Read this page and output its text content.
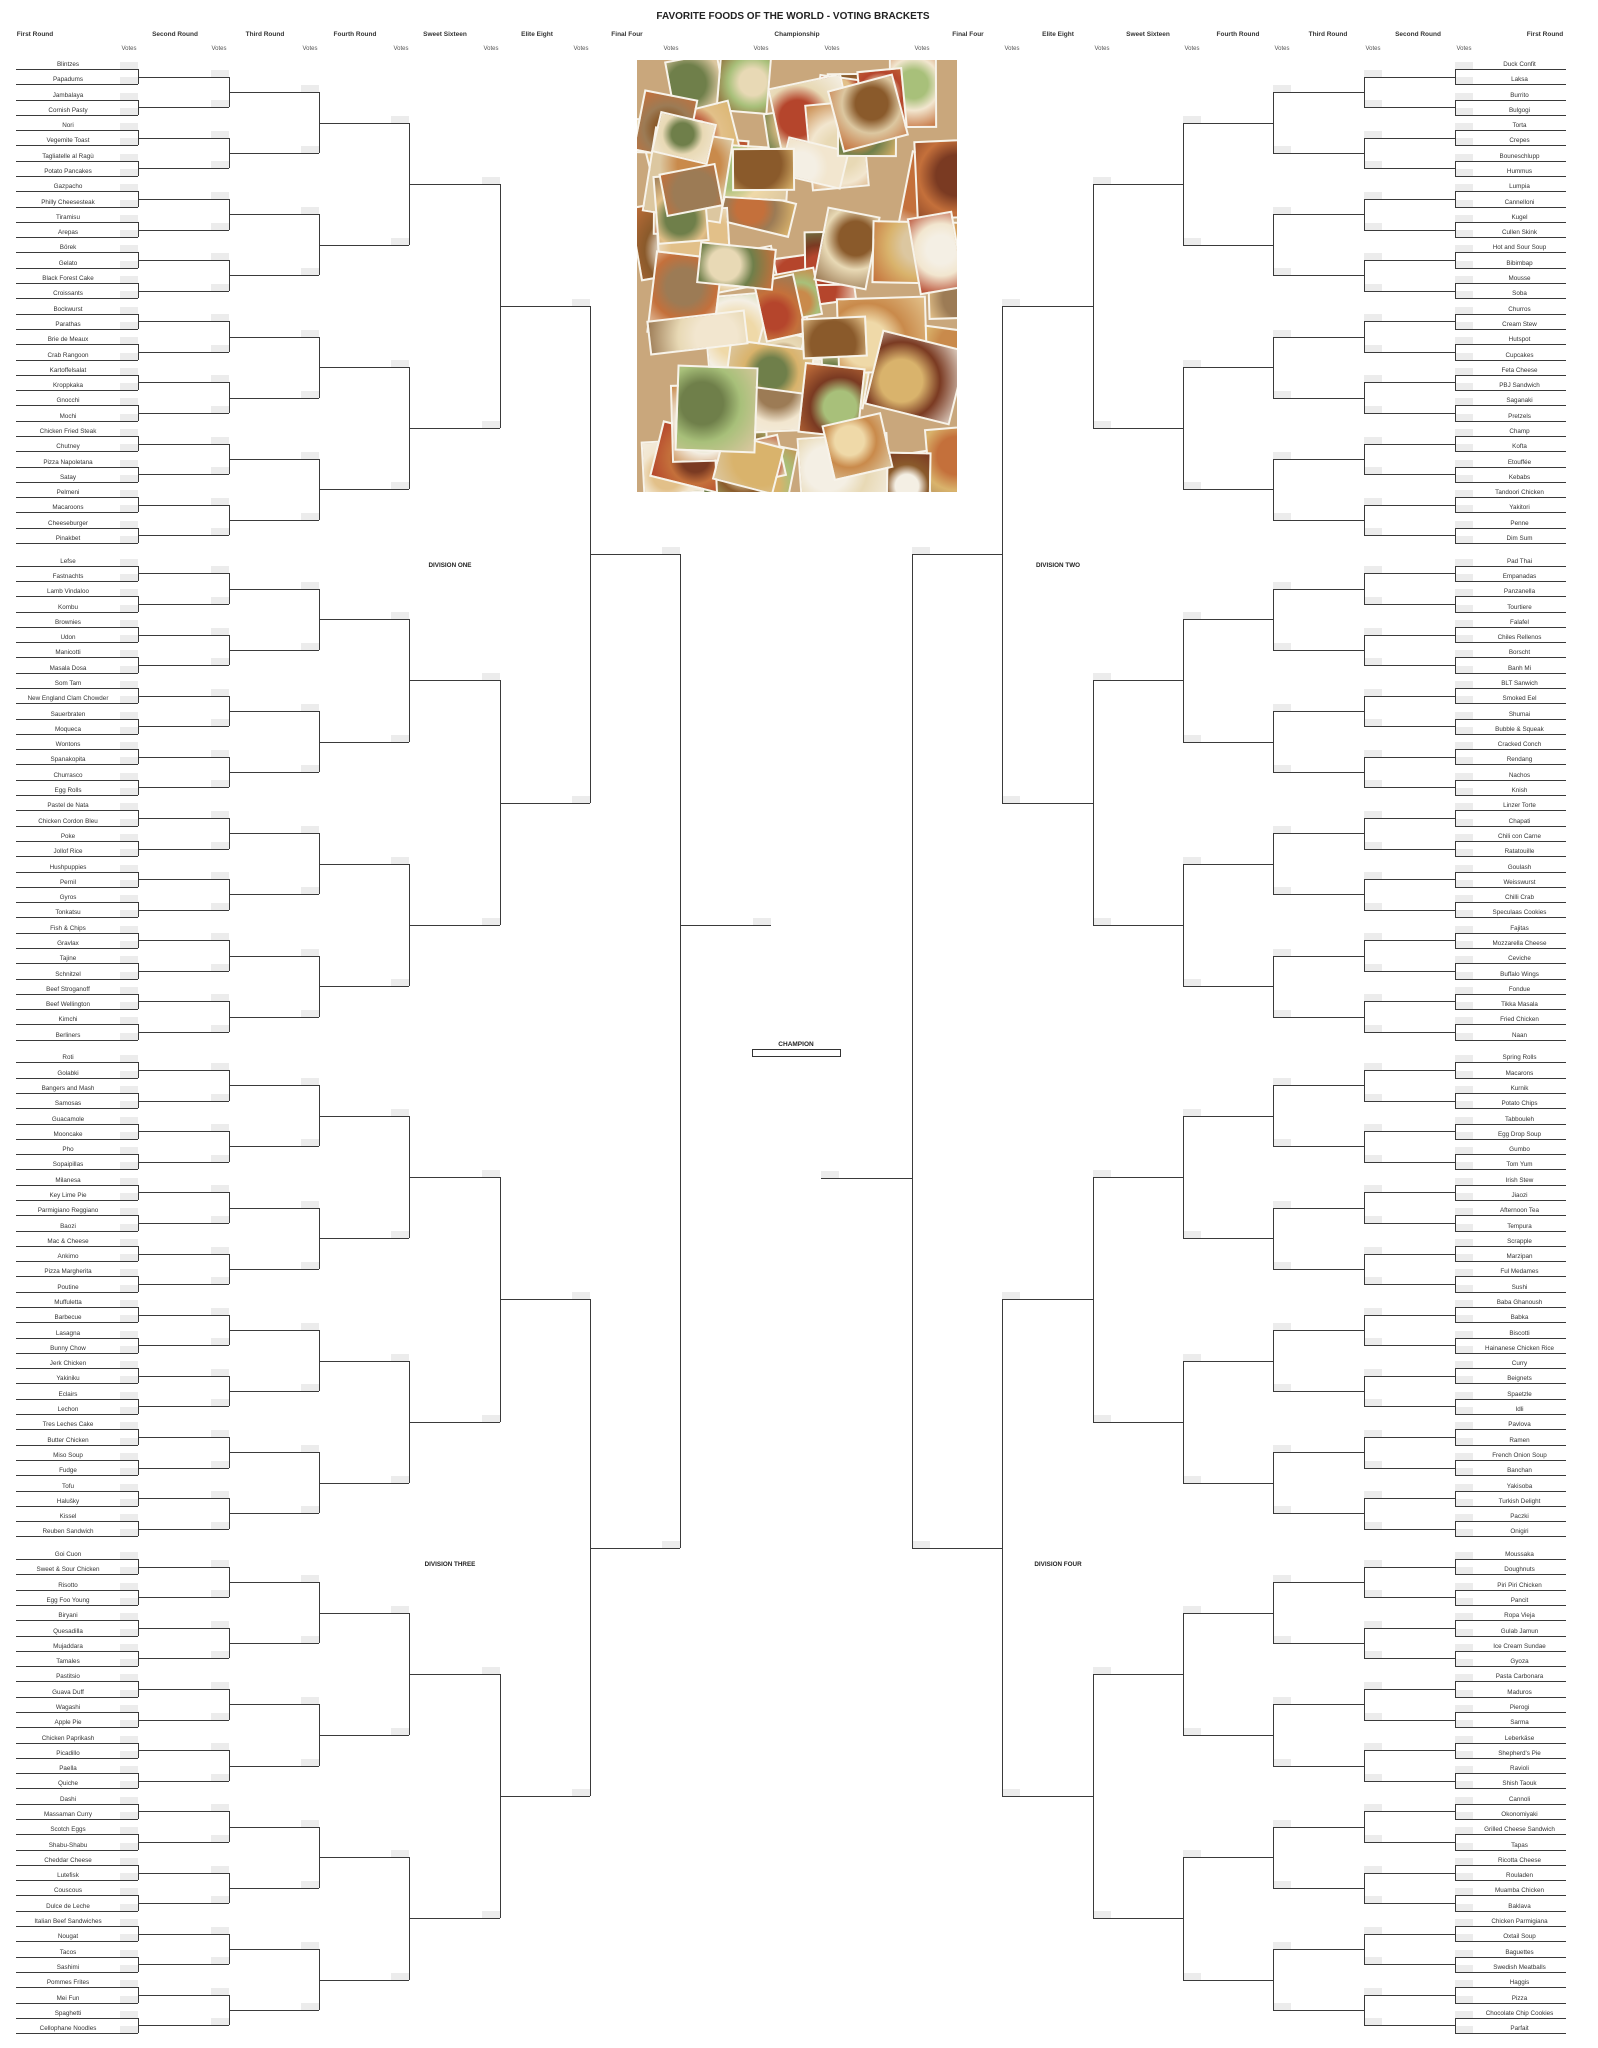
FAVORITE FOODS OF THE WORLD - VOTING BRACKETS
First Round	Second Round	Third Round	Fourth Round	Sweet Sixteen	Elite Eight	Final Four	Championship	Final Four	Elite Eight	Sweet Sixteen	Fourth Round	Third Round	Second Round	First Round
Votes	Votes	Votes	Votes	Votes	Votes	Votes	Votes	Votes	Votes	Votes	Votes	Votes	Votes	Votes	Votes
Blintzes
Papadums
Jambalaya
Cornish Pasty
Nori
Vegemite Toast
Tagliatelle al Ragù
Potato Pancakes
Gazpacho
Philly Cheesesteak
Tiramisu
Arepas
Börek
Gelato
Black Forest Cake
Croissants
Bockwurst
Parathas
Brie de Meaux
Crab Rangoon
Kartoffelsalat
Kroppkaka
Gnocchi
Mochi
Chicken Fried Steak
Chutney
Pizza Napoletana
Satay
Pelmeni
Macaroons
Cheeseburger
Pinakbet
Lefse
Fastnachts
Lamb Vindaloo
Kombu
Brownies
Udon
Manicotti
Masala Dosa
Som Tam
New England Clam Chowder
Sauerbraten
Moqueca
Wontons
Spanakopita
Churrasco
Egg Rolls
Pastel de Nata
Chicken Cordon Bleu
Poke
Jollof Rice
Hushpuppies
Pernil
Gyros
Tonkatsu
Fish & Chips
Gravlax
Tajine
Schnitzel
Beef Stroganoff
Beef Wellington
Kimchi
Berliners
Roti
Golabki
Bangers and Mash
Samosas
Guacamole
Mooncake
Pho
Sopaipillas
Milanesa
Key Lime Pie
Parmigiano Reggiano
Baozi
Mac & Cheese
Ankimo
Pizza Margherita
Poutine
Muffuletta
Barbecue
Lasagna
Bunny Chow
Jerk Chicken
Yakiniku
Eclairs
Lechon
Tres Leches Cake
Butter Chicken
Miso Soup
Fudge
Tofu
Halušky
Kissel
Reuben Sandwich
Goi Cuon
Sweet & Sour Chicken
Risotto
Egg Foo Young
Biryani
Quesadilla
Mujaddara
Tamales
Pastitsio
Guava Duff
Wagashi
Apple Pie
Chicken Paprikash
Picadillo
Paella
Quiche
Dashi
Massaman Curry
Scotch Eggs
Shabu-Shabu
Cheddar Cheese
Lutefisk
Couscous
Dulce de Leche
Italian Beef Sandwiches
Nougat
Tacos
Sashimi
Pommes Frites
Mei Fun
Spaghetti
Cellophane Noodles
Duck Confit
Laksa
Burrito
Bulgogi
Torta
Crepes
Bouneschlupp
Hummus
Lumpia
Cannelloni
Kugel
Cullen Skink
Hot and Sour Soup
Bibimbap
Mousse
Soba
Churros
Cream Stew
Hutspot
Cupcakes
Feta Cheese
PBJ Sandwich
Saganaki
Pretzels
Champ
Kofta
Etouffée
Kebabs
Tandoori Chicken
Yakitori
Penne
Dim Sum
Pad Thai
Empanadas
Panzanella
Tourtiere
Falafel
Chiles Rellenos
Borscht
Banh Mi
BLT Sanwich
Smoked Eel
Shumai
Bubble & Squeak
Cracked Conch
Rendang
Nachos
Knish
Linzer Torte
Chapati
Chili con Carne
Ratatouille
Goulash
Weisswurst
Chilli Crab
Speculaas Cookies
Fajitas
Mozzarella Cheese
Ceviche
Buffalo Wings
Fondue
Tikka Masala
Fried Chicken
Naan
Spring Rolls
Macarons
Kurnik
Potato Chips
Tabbouleh
Egg Drop Soup
Gumbo
Tom Yum
Irish Stew
Jiaozi
Afternoon Tea
Tempura
Scrapple
Marzipan
Ful Medames
Sushi
Baba Ghanoush
Babka
Biscotti
Hainanese Chicken Rice
Curry
Beignets
Spaetzle
Idli
Pavlova
Ramen
French Onion Soup
Banchan
Yakisoba
Turkish Delight
Paczki
Onigiri
Moussaka
Doughnuts
Piri Piri Chicken
Pancit
Ropa Vieja
Gulab Jamun
Ice Cream Sundae
Gyoza
Pasta Carbonara
Maduros
Pierogi
Sarma
Leberkäse
Shepherd's Pie
Ravioli
Shish Taouk
Cannoli
Okonomiyaki
Grilled Cheese Sandwich
Tapas
Ricotta Cheese
Rouladen
Muamba Chicken
Baklava
Chicken Parmigiana
Oxtail Soup
Baguettes
Swedish Meatballs
Haggis
Pizza
Chocolate Chip Cookies
Parfait
DIVISION ONE	DIVISION TWO
DIVISION THREE	DIVISION FOUR
CHAMPION
